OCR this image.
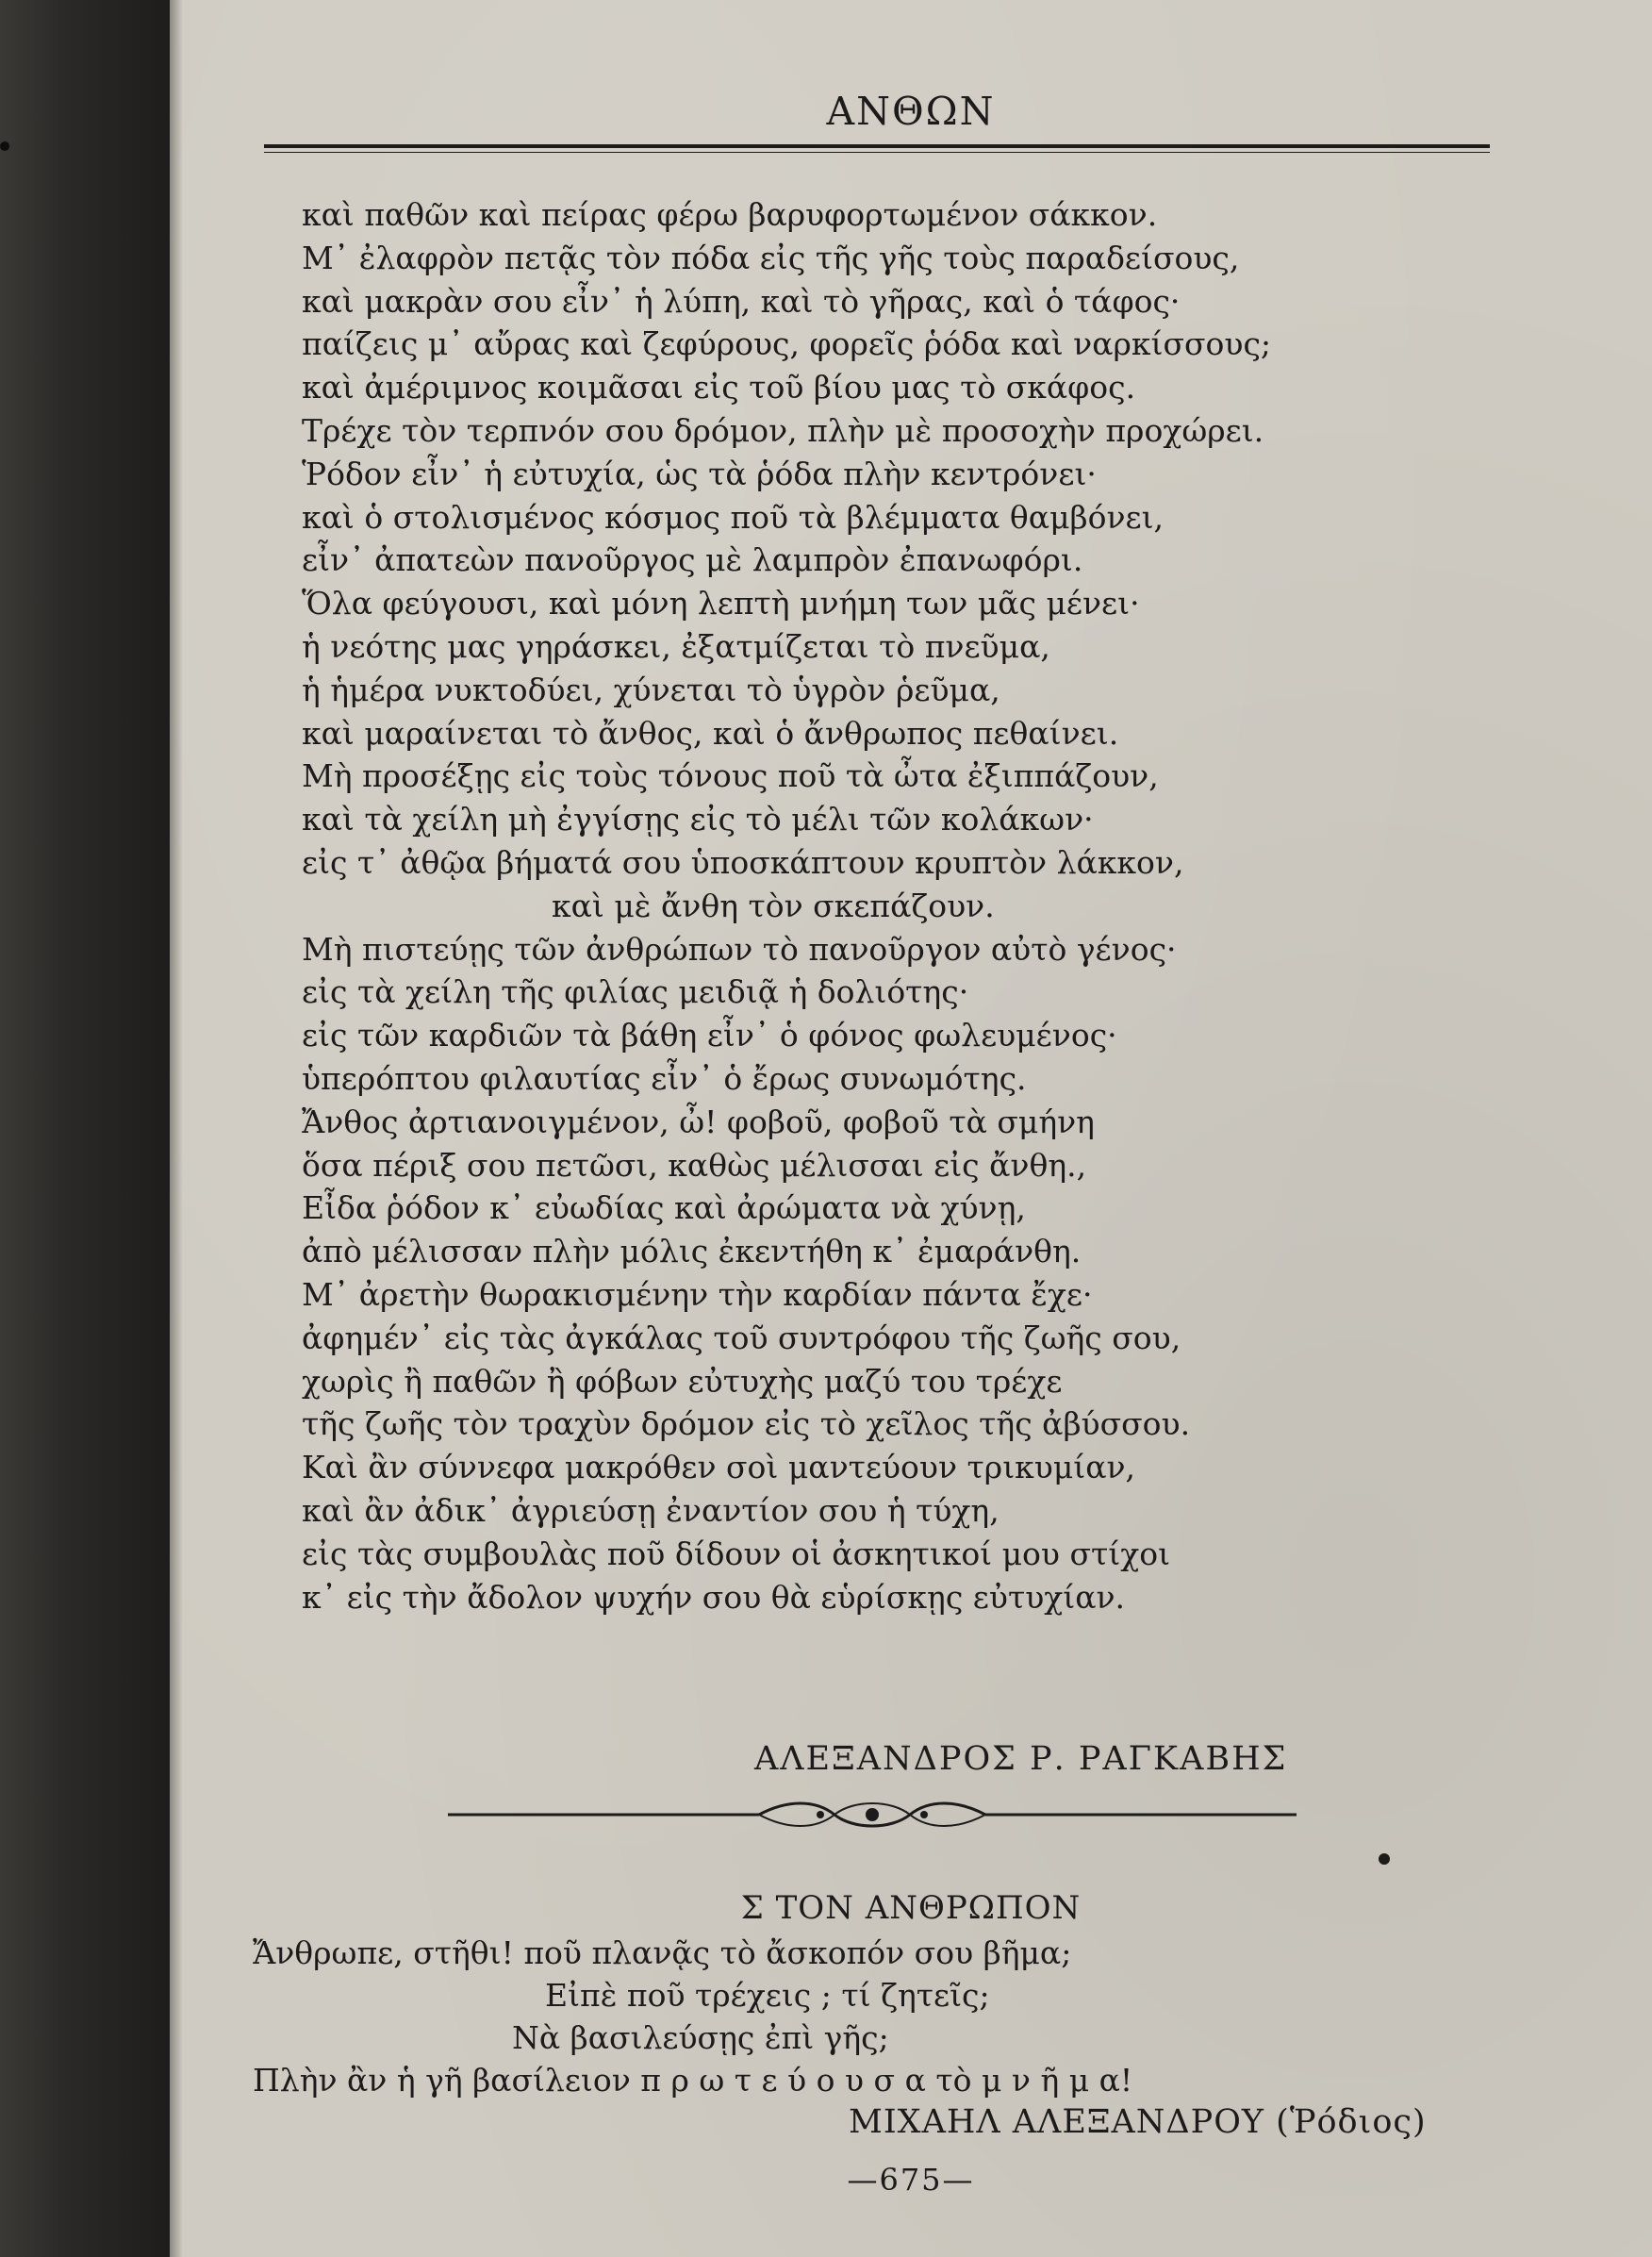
ΑΝΘΩΝ
καὶ παθῶν καὶ πείρας φέρω βαρυφορτωμένον σάκκον.
Μ᾽ ἐλαφρὸν πετᾷς τὸν πόδα εἰς τῆς γῆς τοὺς παραδείσους,
καὶ μακρὰν σου εἶν᾽ ἡ λύπη, καὶ τὸ γῆρας, καὶ ὁ τάφος·
παίζεις μ᾽ αὔρας καὶ ζεφύρους, φορεῖς ῥόδα καὶ ναρκίσσους;
καὶ ἀμέριμνος κοιμᾶσαι εἰς τοῦ βίου μας τὸ σκάφος.
Τρέχε τὸν τερπνόν σου δρόμον, πλὴν μὲ προσοχὴν προχώρει.
Ῥόδον εἶν᾽ ἡ εὐτυχία, ὡς τὰ ῥόδα πλὴν κεντρόνει·
καὶ ὁ στολισμένος κόσμος ποῦ τὰ βλέμματα θαμβόνει,
εἶν᾽ ἀπατεὼν πανοῦργος μὲ λαμπρὸν ἐπανωφόρι.
Ὅλα φεύγουσι, καὶ μόνη λεπτὴ μνήμη των μᾶς μένει·
ἡ νεότης μας γηράσκει, ἐξατμίζεται τὸ πνεῦμα,
ἡ ἡμέρα νυκτοδύει, χύνεται τὸ ὑγρὸν ῥεῦμα,
καὶ μαραίνεται τὸ ἄνθος, καὶ ὁ ἄνθρωπος πεθαίνει.
Μὴ προσέξῃς εἰς τοὺς τόνους ποῦ τὰ ὦτα ἐξιππάζουν,
καὶ τὰ χείλη μὴ ἐγγίσῃς εἰς τὸ μέλι τῶν κολάκων·
εἰς τ᾽ ἀθῷα βήματά σου ὑποσκάπτουν κρυπτὸν λάκκον,
καὶ μὲ ἄνθη τὸν σκεπάζουν.
Μὴ πιστεύῃς τῶν ἀνθρώπων τὸ πανοῦργον αὐτὸ γένος·
εἰς τὰ χείλη τῆς φιλίας μειδιᾷ ἡ δολιότης·
εἰς τῶν καρδιῶν τὰ βάθη εἶν᾽ ὁ φόνος φωλευμένος·
ὑπερόπτου φιλαυτίας εἶν᾽ ὁ ἔρως συνωμότης.
Ἄνθος ἀρτιανοιγμένον, ὦ! φοβοῦ, φοβοῦ τὰ σμήνη
ὅσα πέριξ σου πετῶσι, καθὼς μέλισσαι εἰς ἄνθη.,
Εἶδα ῥόδον κ᾽ εὐωδίας καὶ ἀρώματα νὰ χύνῃ,
ἀπὸ μέλισσαν πλὴν μόλις ἐκεντήθη κ᾽ ἐμαράνθη.
Μ᾽ ἀρετὴν θωρακισμένην τὴν καρδίαν πάντα ἔχε·
ἀφημέν᾽ εἰς τὰς ἀγκάλας τοῦ συντρόφου τῆς ζωῆς σου,
χωρὶς ἢ παθῶν ἢ φόβων εὐτυχὴς μαζύ του τρέχε
τῆς ζωῆς τὸν τραχὺν δρόμον εἰς τὸ χεῖλος τῆς ἀβύσσου.
Καὶ ἂν σύννεφα μακρόθεν σοὶ μαντεύουν τρικυμίαν,
καὶ ἂν ἀδικ᾽ ἀγριεύσῃ ἐναντίον σου ἡ τύχη,
εἰς τὰς συμβουλὰς ποῦ δίδουν οἱ ἀσκητικοί μου στίχοι
κ᾽ εἰς τὴν ἄδολον ψυχήν σου θὰ εὑρίσκῃς εὐτυχίαν.
ΑΛΕΞΑΝΔΡΟΣ Ρ. ΡΑΓΚΑΒΗΣ
Σ ΤΟΝ ΑΝΘΡΩΠΟΝ
Ἄνθρωπε, στῆθι! ποῦ πλανᾷς τὸ ἄσκοπόν σου βῆμα;
Εἰπὲ ποῦ τρέχεις ; τί ζητεῖς;
Νὰ βασιλεύσῃς ἐπὶ γῆς;
Πλὴν ἂν ἡ γῆ βασίλειον π ρ ω τ ε ύ ο υ σ α τὸ μ ν ῆ μ α!
ΜΙΧΑΗΛ ΑΛΕΞΑΝΔΡΟΥ (Ῥόδιος)
—675—
